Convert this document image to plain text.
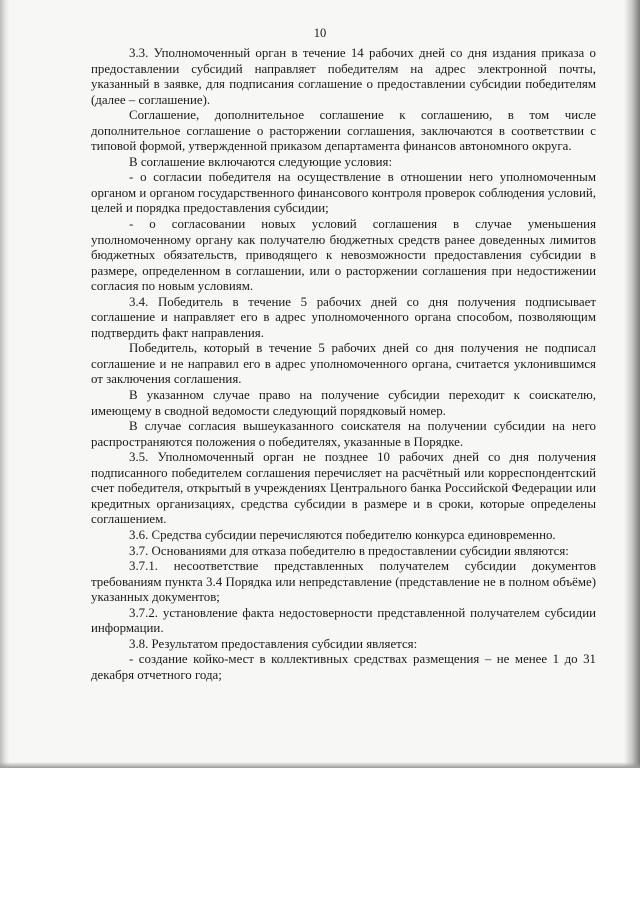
10

3.3. Уполномоченный орган в течение 14 рабочих дней со дня издания приказа о предоставлении субсидий направляет победителям на адрес электронной почты, указанный в заявке, для подписания соглашение о предоставлении субсидии победителям (далее – соглашение).

Соглашение, дополнительное соглашение к соглашению, в том числе дополнительное соглашение о расторжении соглашения, заключаются в соответствии с типовой формой, утвержденной приказом департамента финансов автономного округа.

В соглашение включаются следующие условия:

- о согласии победителя на осуществление в отношении него уполномоченным органом и органом государственного финансового контроля проверок соблюдения условий, целей и порядка предоставления субсидии;

- о согласовании новых условий соглашения в случае уменьшения уполномоченному органу как получателю бюджетных средств ранее доведенных лимитов бюджетных обязательств, приводящего к невозможности предоставления субсидии в размере, определенном в соглашении, или о расторжении соглашения при недостижении согласия по новым условиям.

3.4. Победитель в течение 5 рабочих дней со дня получения подписывает соглашение и направляет его в адрес уполномоченного органа способом, позволяющим подтвердить факт направления.

Победитель, который в течение 5 рабочих дней со дня получения не подписал соглашение и не направил его в адрес уполномоченного органа, считается уклонившимся от заключения соглашения.

В указанном случае право на получение субсидии переходит к соискателю, имеющему в сводной ведомости следующий порядковый номер.

В случае согласия вышеуказанного соискателя на получении субсидии на него распространяются положения о победителях, указанные в Порядке.

3.5. Уполномоченный орган не позднее 10 рабочих дней со дня получения подписанного победителем соглашения перечисляет на расчётный или корреспондентский счет победителя, открытый в учреждениях Центрального банка Российской Федерации или кредитных организациях, средства субсидии в размере и в сроки, которые определены соглашением.

3.6. Средства субсидии перечисляются победителю конкурса единовременно.

3.7. Основаниями для отказа победителю в предоставлении субсидии являются:

3.7.1. несоответствие представленных получателем субсидии документов требованиям пункта 3.4 Порядка или непредставление (представление не в полном объёме) указанных документов;

3.7.2. установление факта недостоверности представленной получателем субсидии информации.

3.8. Результатом предоставления субсидии является:

- создание койко-мест в коллективных средствах размещения – не менее 1 до 31 декабря отчетного года;
